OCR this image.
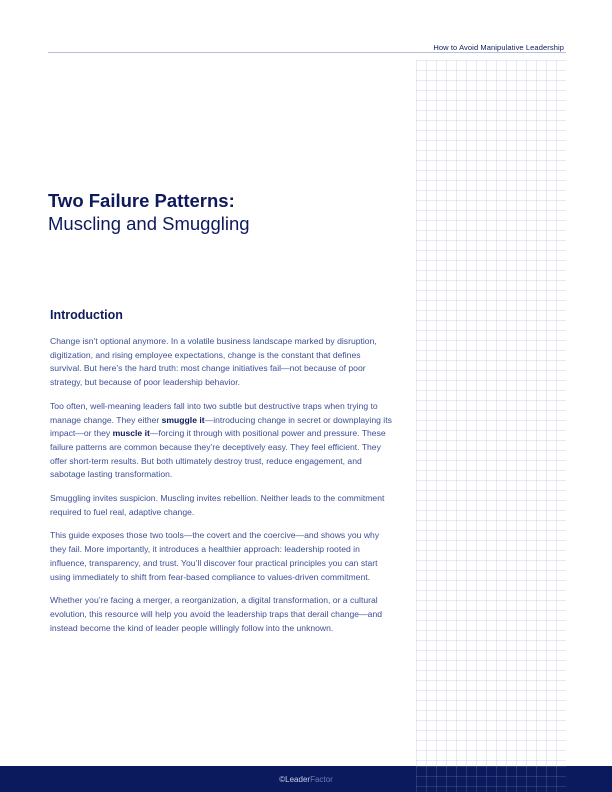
How to Avoid Manipulative Leadership

Two Failure Patterns:

Muscling and Smuggling

Introduction

Change isn’t optional anymore. In a volatile business landscape marked by disruption, digitization, and rising employee expectations, change is the constant that defines survival. But here’s the hard truth: most change initiatives fail—not because of poor strategy, but because of poor leadership behavior.

Too often, well-meaning leaders fall into two subtle but destructive traps when trying to manage change. They either smuggle it—introducing change in secret or downplaying its impact—or they muscle it—forcing it through with positional power and pressure. These failure patterns are common because they’re deceptively easy. They feel efficient. They offer short-term results. But both ultimately destroy trust, reduce engagement, and sabotage lasting transformation.

Smuggling invites suspicion. Muscling invites rebellion. Neither leads to the commitment required to fuel real, adaptive change.

This guide exposes those two tools—the covert and the coercive—and shows you why they fail. More importantly, it introduces a healthier approach: leadership rooted in influence, transparency, and trust. You’ll discover four practical principles you can start using immediately to shift from fear-based compliance to values-driven commitment.

Whether you’re facing a merger, a reorganization, a digital transformation, or a cultural evolution, this resource will help you avoid the leadership traps that derail change—and instead become the kind of leader people willingly follow into the unknown.

©LeaderFactor
